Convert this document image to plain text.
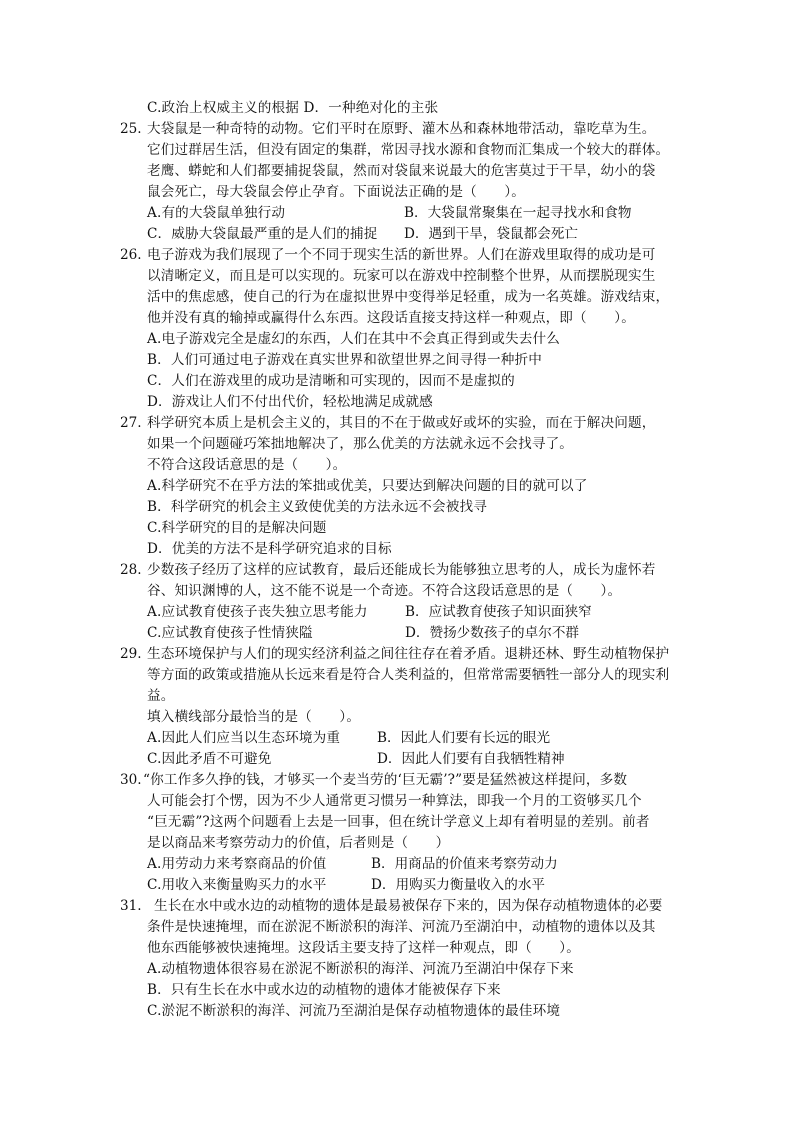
C.政治上权威主义的根据 D．一种绝对化的主张
25. 大袋鼠是一种奇特的动物。它们平时在原野、灌木丛和森林地带活动，靠吃草为生。
它们过群居生活，但没有固定的集群，常因寻找水源和食物而汇集成一个较大的群体。
老鹰、蟒蛇和人们都要捕捉袋鼠，然而对袋鼠来说最大的危害莫过于干旱，幼小的袋
鼠会死亡，母大袋鼠会停止孕育。下面说法正确的是（　　）。
A.有的大袋鼠单独行动	B．大袋鼠常聚集在一起寻找水和食物
C．威胁大袋鼠最严重的是人们的捕捉 D．遇到干旱，袋鼠都会死亡
26. 电子游戏为我们展现了一个不同于现实生活的新世界。人们在游戏里取得的成功是可
以清晰定义，而且是可以实现的。玩家可以在游戏中控制整个世界，从而摆脱现实生
活中的焦虑感，使自己的行为在虚拟世界中变得举足轻重，成为一名英雄。游戏结束，
他并没有真的输掉或赢得什么东西。这段话直接支持这样一种观点，即（　　）。
A.电子游戏完全是虚幻的东西，人们在其中不会真正得到或失去什么
B．人们可通过电子游戏在真实世界和欲望世界之间寻得一种折中
C．人们在游戏里的成功是清晰和可实现的，因而不是虚拟的
D．游戏让人们不付出代价，轻松地满足成就感
27. 科学研究本质上是机会主义的，其目的不在于做或好或坏的实验，而在于解决问题，
如果一个问题碰巧笨拙地解决了，那么优美的方法就永远不会找寻了。
不符合这段话意思的是（　　）。
A.科学研究不在乎方法的笨拙或优美，只要达到解决问题的目的就可以了
B．科学研究的机会主义致使优美的方法永远不会被找寻
C.科学研究的目的是解决问题
D．优美的方法不是科学研究追求的目标
28. 少数孩子经历了这样的应试教育，最后还能成长为能够独立思考的人，成长为虚怀若
谷、知识渊博的人，这不能不说是一个奇迹。不符合这段话意思的是（　　）。
A.应试教育使孩子丧失独立思考能力	B．应试教育使孩子知识面狭窄
C.应试教育使孩子性情狭隘	D．赞扬少数孩子的卓尔不群
29. 生态环境保护与人们的现实经济利益之间往往存在着矛盾。退耕还林、野生动植物保护
等方面的政策或措施从长远来看是符合人类利益的，但常常需要牺牲一部分人的现实利
益。
填入横线部分最恰当的是（　　）。
A.因此人们应当以生态环境为重	B．因此人们要有长远的眼光
C.因此矛盾不可避免	D．因此人们要有自我牺牲精神
30. “你工作多久挣的钱，才够买一个麦当劳的‘巨无霸’?”要是猛然被这样提问，多数
人可能会打个愣，因为不少人通常更习惯另一种算法，即我一个月的工资够买几个
“巨无霸”?这两个问题看上去是一回事，但在统计学意义上却有着明显的差别。前者
是以商品来考察劳动力的价值，后者则是（　　）
A.用劳动力来考察商品的价值	B．用商品的价值来考察劳动力
C.用收入来衡量购买力的水平	D．用购买力衡量收入的水平
31. 生长在水中或水边的动植物的遗体是最易被保存下来的，因为保存动植物遗体的必要
条件是快速掩埋，而在淤泥不断淤积的海洋、河流乃至湖泊中，动植物的遗体以及其
他东西能够被快速掩埋。这段话主要支持了这样一种观点，即（　　）。
A.动植物遗体很容易在淤泥不断淤积的海洋、河流乃至湖泊中保存下来
B．只有生长在水中或水边的动植物的遗体才能被保存下来
C.淤泥不断淤积的海洋、河流乃至湖泊是保存动植物遗体的最佳环境
